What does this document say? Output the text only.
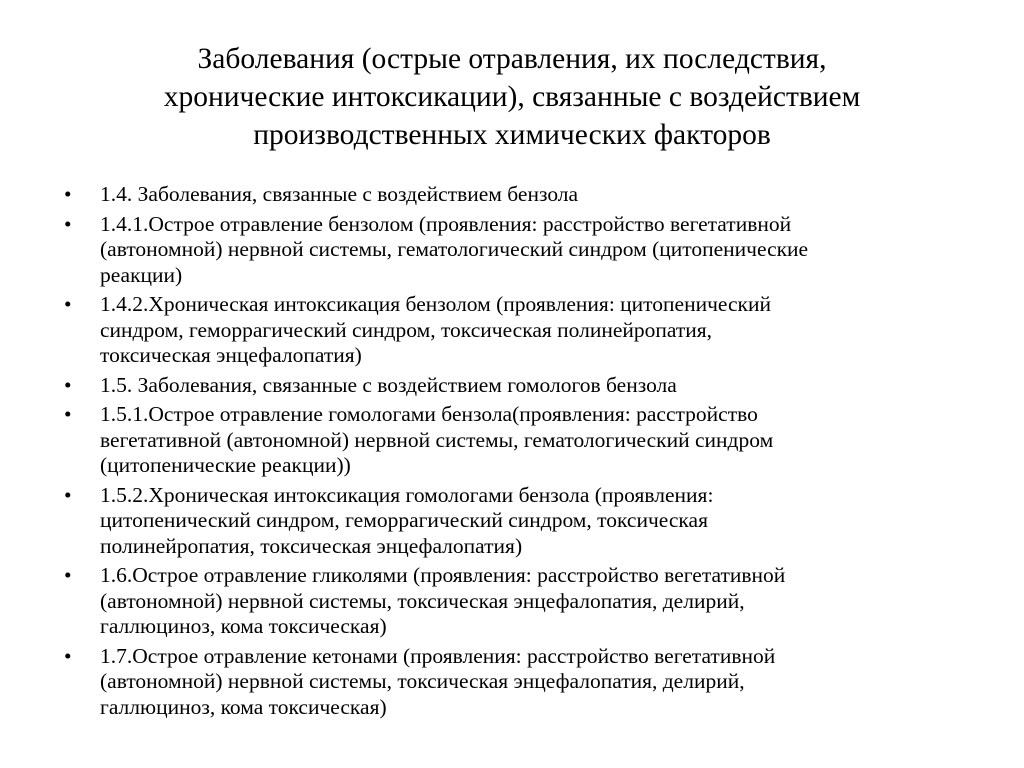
Заболевания (острые отравления, их последствия,
хронические интоксикации), связанные с воздействием
производственных химических факторов
•	1.4. Заболевания, связанные с воздействием бензола
•	1.4.1.Острое отравление бензолом (проявления: расстройство вегетативной
(автономной) нервной системы, гематологический синдром (цитопенические
реакции)
•	1.4.2.Хроническая интоксикация бензолом (проявления: цитопенический
синдром, геморрагический синдром, токсическая полинейропатия,
токсическая энцефалопатия)
•	1.5. Заболевания, связанные с воздействием гомологов бензола
•	1.5.1.Острое отравление гомологами бензола(проявления: расстройство
вегетативной (автономной) нервной системы, гематологический синдром
(цитопенические реакции))
•	1.5.2.Хроническая интоксикация гомологами бензола (проявления:
цитопенический синдром, геморрагический синдром, токсическая
полинейропатия, токсическая энцефалопатия)
•	1.6.Острое отравление гликолями (проявления: расстройство вегетативной
(автономной) нервной системы, токсическая энцефалопатия, делирий,
галлюциноз, кома токсическая)
•	1.7.Острое отравление кетонами (проявления: расстройство вегетативной
(автономной) нервной системы, токсическая энцефалопатия, делирий,
галлюциноз, кома токсическая)
